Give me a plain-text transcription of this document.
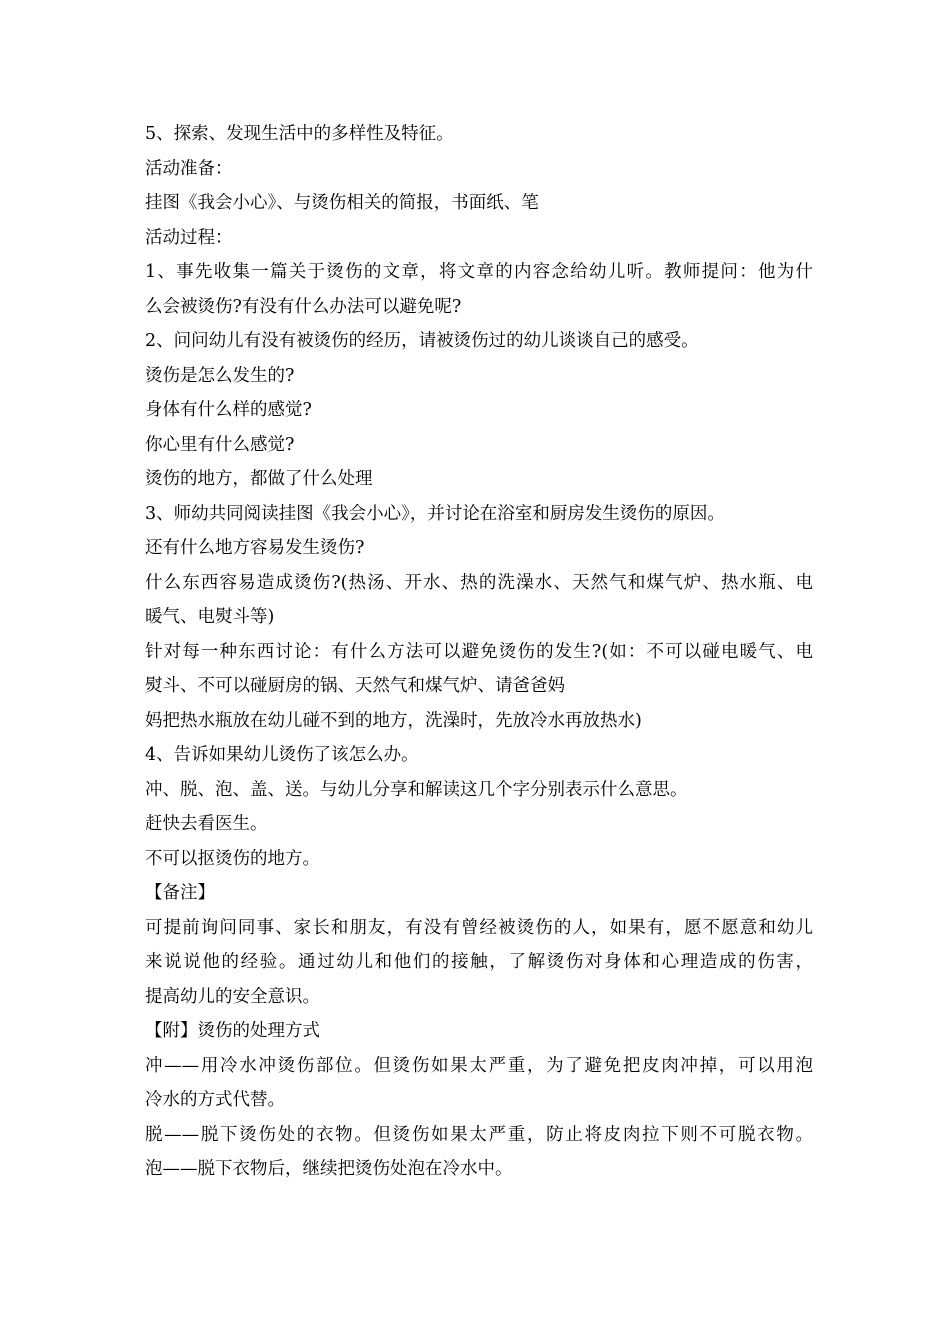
5、探索、发现生活中的多样性及特征。
活动准备：
挂图《我会小心》、与烫伤相关的简报，书面纸、笔
活动过程：
1、事先收集一篇关于烫伤的文章，将文章的内容念给幼儿听。教师提问：他为什
么会被烫伤?有没有什么办法可以避免呢?
2、问问幼儿有没有被烫伤的经历，请被烫伤过的幼儿谈谈自己的感受。
烫伤是怎么发生的?
身体有什么样的感觉?
你心里有什么感觉?
烫伤的地方，都做了什么处理
3、师幼共同阅读挂图《我会小心》，并讨论在浴室和厨房发生烫伤的原因。
还有什么地方容易发生烫伤?
什么东西容易造成烫伤?(热汤、开水、热的洗澡水、天然气和煤气炉、热水瓶、电
暖气、电熨斗等)
针对每一种东西讨论：有什么方法可以避免烫伤的发生?(如：不可以碰电暖气、电
熨斗、不可以碰厨房的锅、天然气和煤气炉、请爸爸妈
妈把热水瓶放在幼儿碰不到的地方，洗澡时，先放冷水再放热水)
4、告诉如果幼儿烫伤了该怎么办。
冲、脱、泡、盖、送。与幼儿分享和解读这几个字分别表示什么意思。
赶快去看医生。
不可以抠烫伤的地方。
【备注】
可提前询问同事、家长和朋友，有没有曾经被烫伤的人，如果有，愿不愿意和幼儿
来说说他的经验。通过幼儿和他们的接触，了解烫伤对身体和心理造成的伤害，
提高幼儿的安全意识。
【附】烫伤的处理方式
冲——用冷水冲烫伤部位。但烫伤如果太严重，为了避免把皮肉冲掉，可以用泡
冷水的方式代替。
脱——脱下烫伤处的衣物。但烫伤如果太严重，防止将皮肉拉下则不可脱衣物。
泡——脱下衣物后，继续把烫伤处泡在冷水中。
